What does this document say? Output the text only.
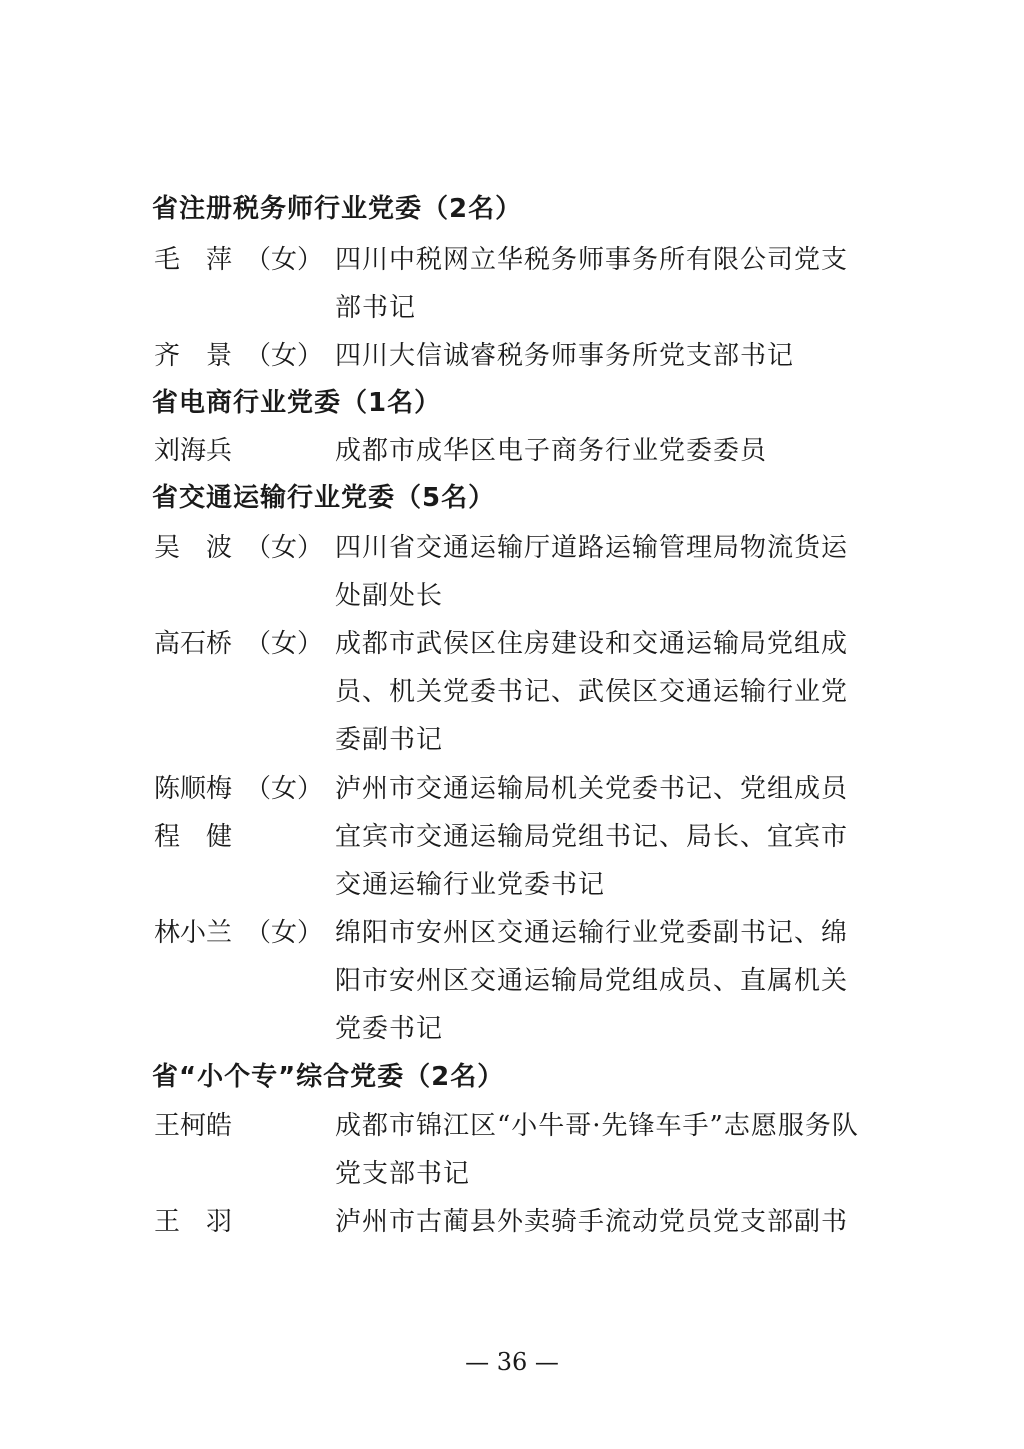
省注册税务师行业党委（2名）
毛　萍 （女） 四川中税网立华税务师事务所有限公司党支
部书记
齐　景 （女） 四川大信诚睿税务师事务所党支部书记
省电商行业党委（1名）
刘海兵	成都市成华区电子商务行业党委委员
省交通运输行业党委（5名）
吴　波 （女） 四川省交通运输厅道路运输管理局物流货运
处副处长
高石桥 （女） 成都市武侯区住房建设和交通运输局党组成
员、机关党委书记、武侯区交通运输行业党
委副书记
陈顺梅 （女） 泸州市交通运输局机关党委书记、党组成员
程　健	宜宾市交通运输局党组书记、局长、宜宾市
交通运输行业党委书记
林小兰 （女） 绵阳市安州区交通运输行业党委副书记、绵
阳市安州区交通运输局党组成员、直属机关
党委书记
省“小个专”综合党委（2名）
王柯皓	成都市锦江区“小牛哥·先锋车手”志愿服务队
党支部书记
王　羽	泸州市古蔺县外卖骑手流动党员党支部副书
— 36 —
